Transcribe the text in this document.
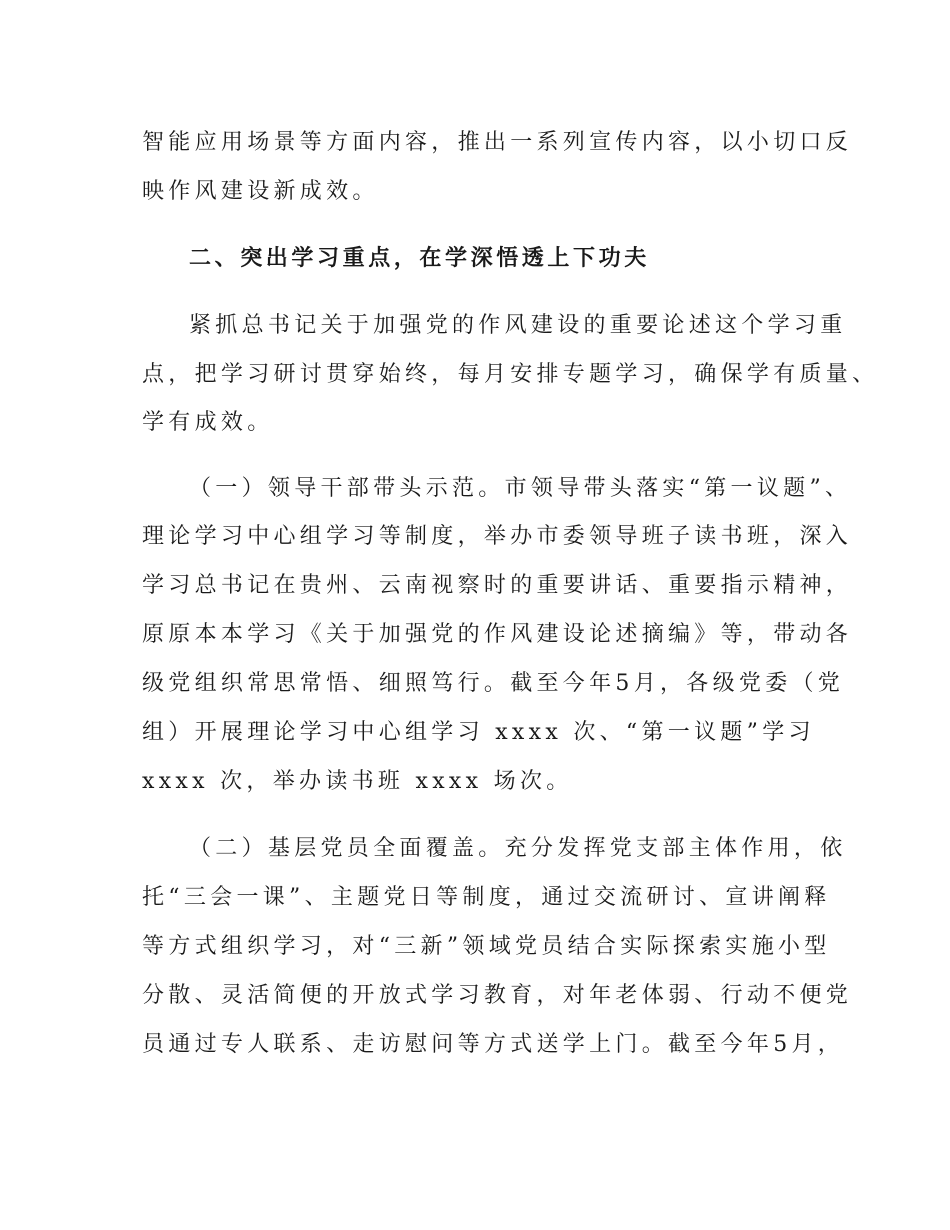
智能应用场景等方面内容，推出一系列宣传内容，以小切口反
映作风建设新成效。
二、突出学习重点，在学深悟透上下功夫
紧抓总书记关于加强党的作风建设的重要论述这个学习重
点，把学习研讨贯穿始终，每月安排专题学习，确保学有质量、
学有成效。
（一）领导干部带头示范。市领导带头落实“第一议题”、
理论学习中心组学习等制度，举办市委领导班子读书班，深入
学习总书记在贵州、云南视察时的重要讲话、重要指示精神，
原原本本学习《关于加强党的作风建设论述摘编》等，带动各
级党组织常思常悟、细照笃行。截至今年5月，各级党委（党
组）开展理论学习中心组学习 xxxx 次、“第一议题”学习
xxxx 次，举办读书班 xxxx 场次。
（二）基层党员全面覆盖。充分发挥党支部主体作用，依
托“三会一课”、主题党日等制度，通过交流研讨、宣讲阐释
等方式组织学习，对“三新”领域党员结合实际探索实施小型
分散、灵活简便的开放式学习教育，对年老体弱、行动不便党
员通过专人联系、走访慰问等方式送学上门。截至今年5月，
